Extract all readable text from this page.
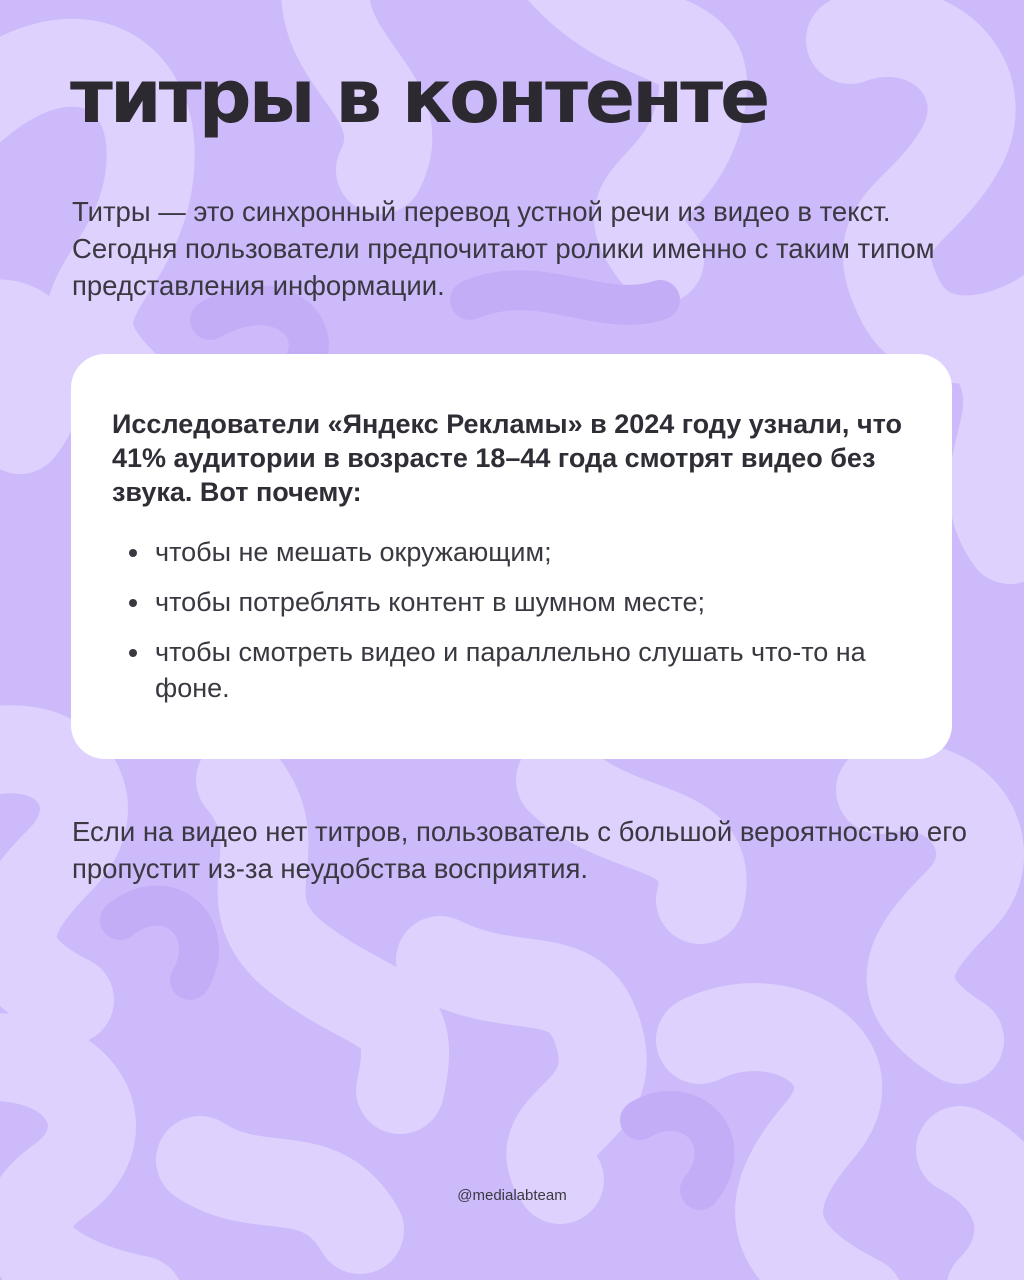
титры в контенте

Титры — это синхронный перевод устной речи из видео в текст. Сегодня пользователи предпочитают ролики именно с таким типом представления информации.

Исследователи «Яндекс Рекламы» в 2024 году узнали, что 41% аудитории в возрасте 18–44 года смотрят видео без звука. Вот почему:

чтобы не мешать окружающим;
чтобы потреблять контент в шумном месте;
чтобы смотреть видео и параллельно слушать что-то на фоне.

Если на видео нет титров, пользователь с большой вероятностью его пропустит из-за неудобства восприятия.

@medialabteam
